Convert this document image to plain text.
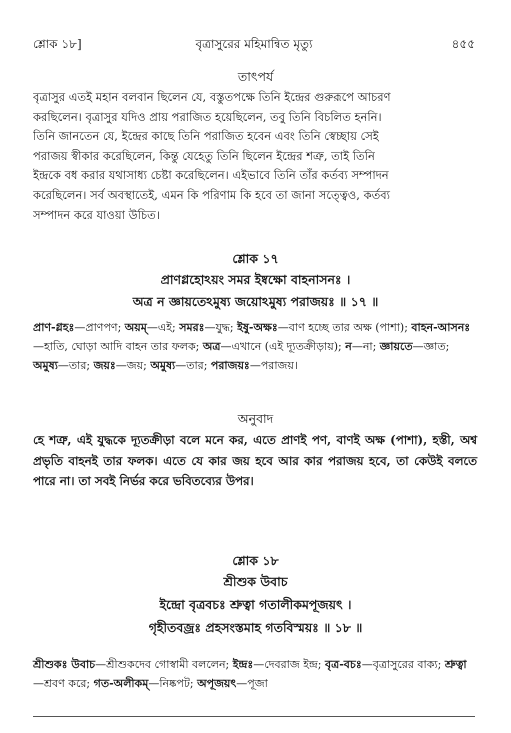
শ্লোক ১৮]	বৃত্রাসুরের মহিমান্বিত মৃত্যু	৪৫৫
তাৎপর্য
বৃত্রাসুর এতই মহান বলবান ছিলেন যে, বস্তুতপক্ষে তিনি ইন্দ্রের গুরুরূপে আচরণ
করছিলেন। বৃত্রাসুর যদিও প্রায় পরাজিত হয়েছিলেন, তবু তিনি বিচলিত হননি।
তিনি জানতেন যে, ইন্দ্রের কাছে তিনি পরাজিত হবেন এবং তিনি স্বেচ্ছায় সেই
পরাজয় স্বীকার করেছিলেন, কিন্তু যেহেতু তিনি ছিলেন ইন্দ্রের শত্রু, তাই তিনি
ইন্দ্রকে বধ করার যথাসাধ্য চেষ্টা করেছিলেন। এইভাবে তিনি তাঁর কর্তব্য সম্পাদন
করেছিলেন। সর্ব অবস্থাতেই, এমন কি পরিণাম কি হবে তা জানা সত্ত্বেও, কর্তব্য
সম্পাদন করে যাওয়া উচিত।
শ্লোক ১৭
প্রাণগ্লহোঽয়ং সমর ইষ্বক্ষো বাহনাসনঃ ।
অত্র ন জ্ঞায়তেঽমুষ্য জয়োঽমুষ্য পরাজয়ঃ ॥ ১৭ ॥
প্রাণ-গ্লহঃ—প্রাণপণ; অয়ম্—এই; সমরঃ—যুদ্ধ; ইষু-অক্ষঃ—বাণ হচ্ছে তার অক্ষ (পাশা); বাহন-আসনঃ—হাতি, ঘোড়া আদি বাহন তার ফলক; অত্র—এখানে (এই দ্যূতক্রীড়ায়); ন—না; জ্ঞায়তে—জ্ঞাত; অমুষ্য—তার; জয়ঃ—জয়; অমুষ্য—তার; পরাজয়ঃ—পরাজয়।
অনুবাদ
হে শত্রু, এই যুদ্ধকে দ্যূতক্রীড়া বলে মনে কর, এতে প্রাণই পণ, বাণই অক্ষ (পাশা), হস্তী, অশ্ব প্রভৃতি বাহনই তার ফলক। এতে যে কার জয় হবে আর কার পরাজয় হবে, তা কেউই বলতে পারে না। তা সবই নির্ভর করে ভবিতব্যের উপর।
শ্লোক ১৮
শ্রীশুক উবাচ
ইন্দ্রো বৃত্রবচঃ শ্রুত্বা গতালীকমপূজয়ৎ ।
গৃহীতবজ্রঃ প্রহসংস্তমাহ গতবিস্ময়ঃ ॥ ১৮ ॥
শ্রীশুকঃ উবাচ—শ্রীশুকদেব গোস্বামী বললেন; ইন্দ্রঃ—দেবরাজ ইন্দ্র; বৃত্র-বচঃ—বৃত্রাসুরের বাক্য; শ্রুত্বা—শ্রবণ করে; গত-অলীকম্—নিষ্কপট; অপূজয়ৎ—পূজা
